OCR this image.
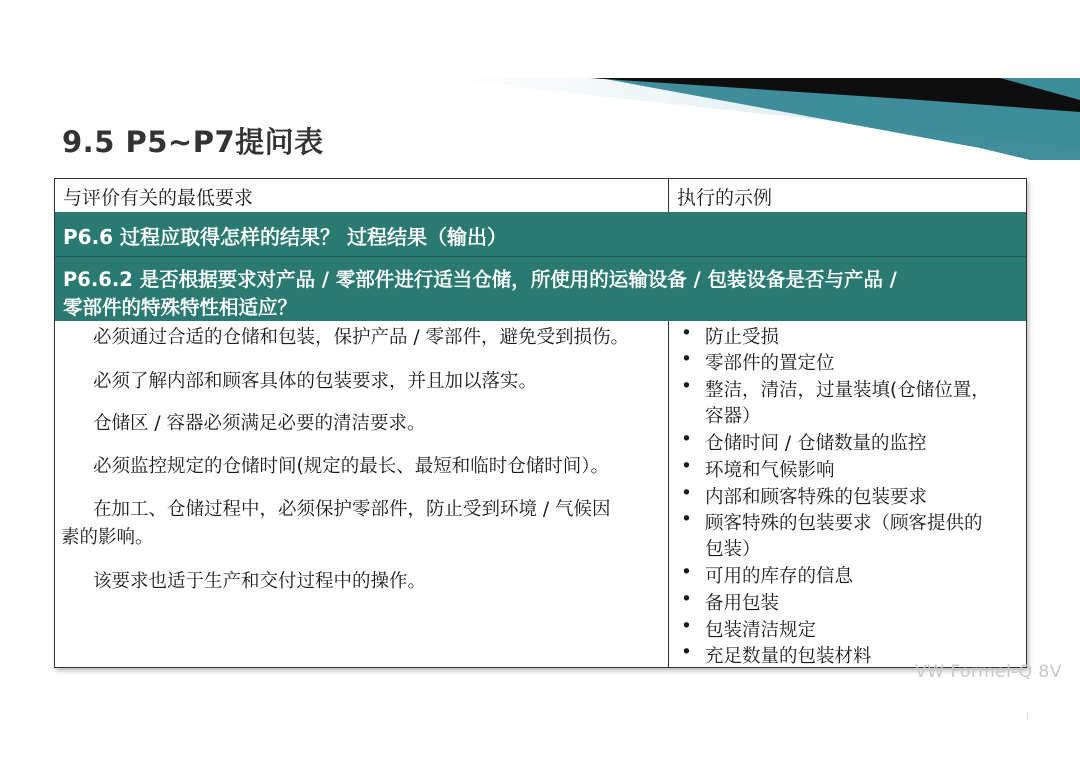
9.5 P5~P7提问表
与评价有关的最低要求	执行的示例
P6.6 过程应取得怎样的结果？ 过程结果（输出）
P6.6.2 是否根据要求对产品 / 零部件进行适当仓储，所使用的运输设备 / 包装设备是否与产品 /
零部件的特殊特性相适应？
必须通过合适的仓储和包装，保护产品 / 零部件，避免受到损伤。
必须了解内部和顾客具体的包装要求，并且加以落实。
仓储区 / 容器必须满足必要的清洁要求。
必须监控规定的仓储时间(规定的最长、最短和临时仓储时间）。
在加工、仓储过程中，必须保护零部件，防止受到环境 / 气候因
素的影响。
该要求也适于生产和交付过程中的操作。
• 防止受损
• 零部件的置定位
• 整洁，清洁，过量装填(仓储位置，
容器）
• 仓储时间 / 仓储数量的监控
• 环境和气候影响
• 内部和顾客特殊的包装要求
• 顾客特殊的包装要求（顾客提供的
包装）
• 可用的库存的信息
• 备用包装
• 包装清洁规定
• 充足数量的包装材料
VW Formel-Q 8V
